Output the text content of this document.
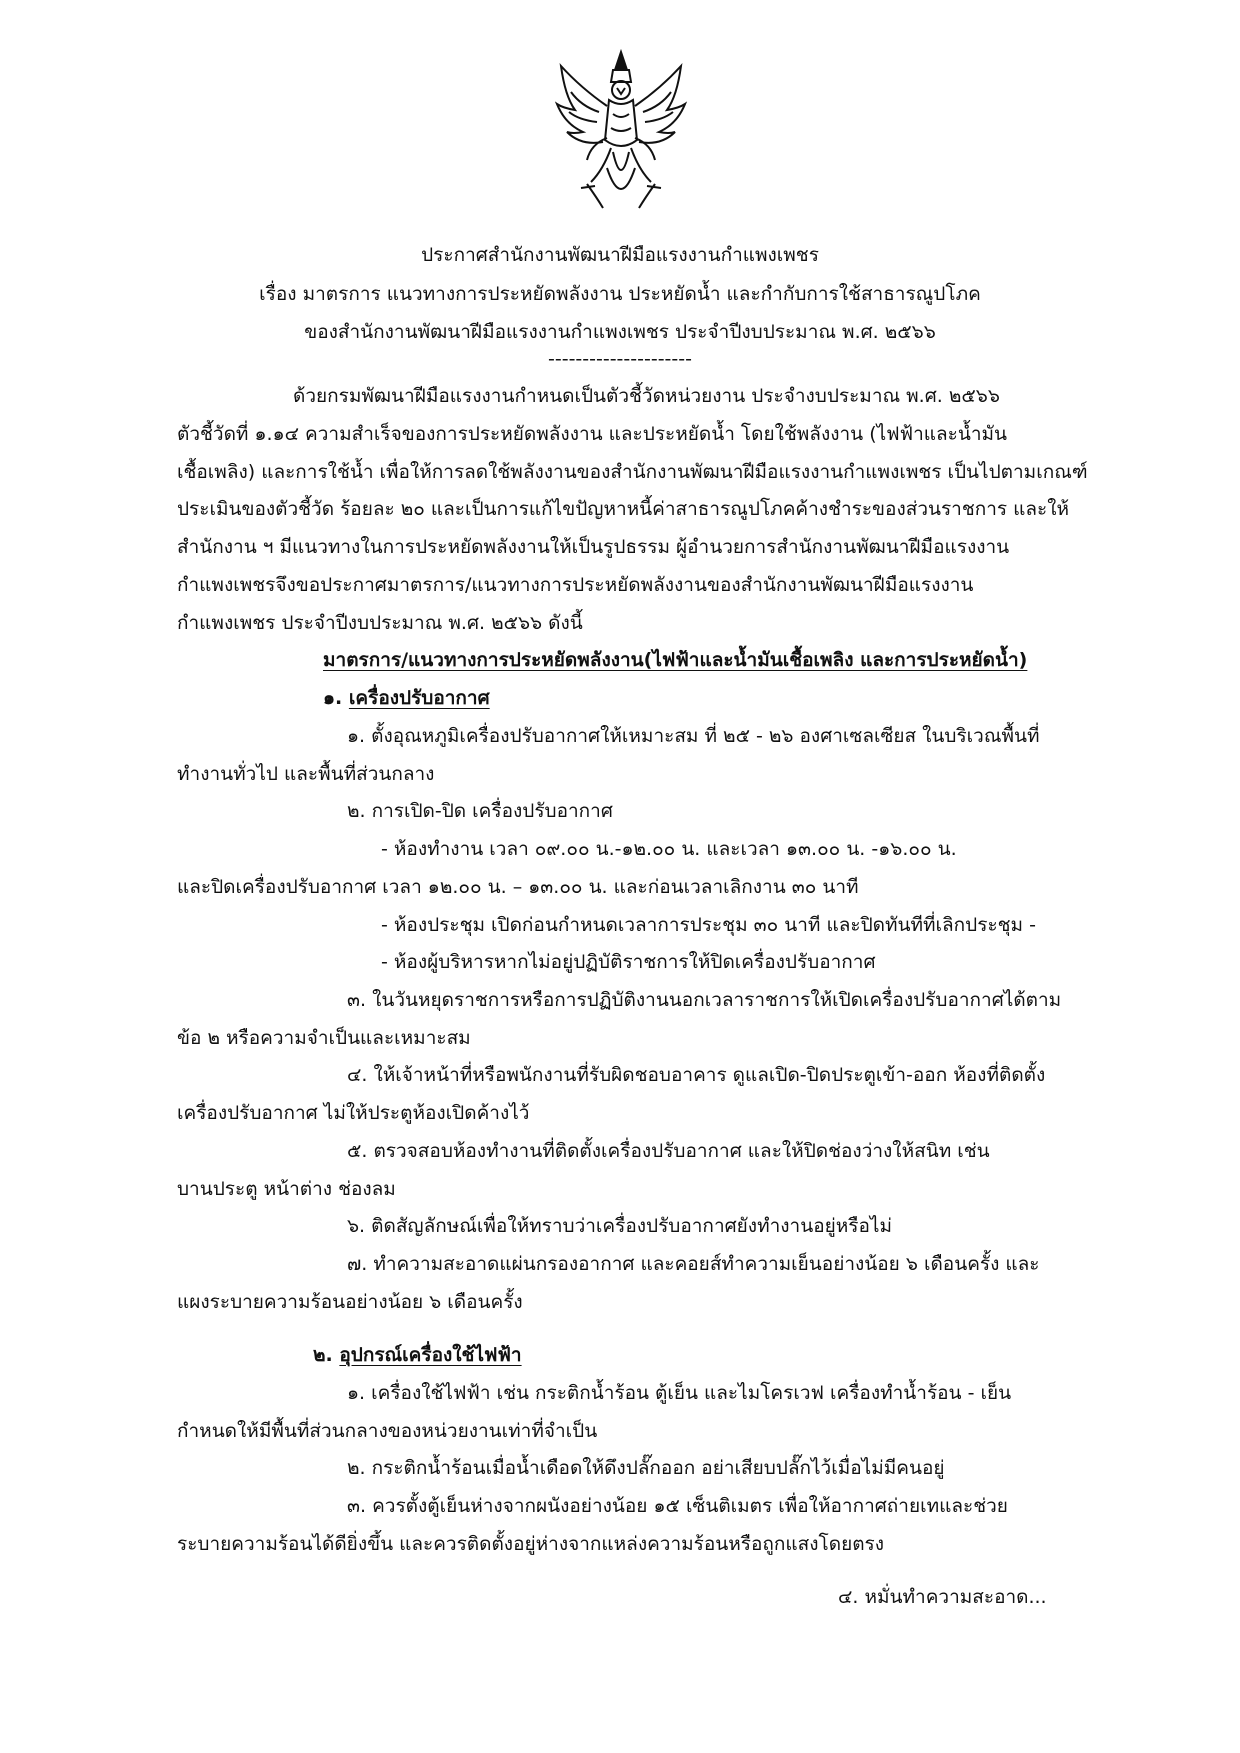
ประกาศสำนักงานพัฒนาฝีมือแรงงานกำแพงเพชร
เรื่อง มาตรการ แนวทางการประหยัดพลังงาน ประหยัดน้ำ และกำกับการใช้สาธารณูปโภค
ของสำนักงานพัฒนาฝีมือแรงงานกำแพงเพชร ประจำปีงบประมาณ พ.ศ. ๒๕๖๖
---------------------
ด้วยกรมพัฒนาฝีมือแรงงานกำหนดเป็นตัวชี้วัดหน่วยงาน ประจำงบประมาณ พ.ศ. ๒๕๖๖
ตัวชี้วัดที่ ๑.๑๔ ความสำเร็จของการประหยัดพลังงาน และประหยัดน้ำ โดยใช้พลังงาน (ไฟฟ้าและน้ำมัน
เชื้อเพลิง) และการใช้น้ำ เพื่อให้การลดใช้พลังงานของสำนักงานพัฒนาฝีมือแรงงานกำแพงเพชร เป็นไปตามเกณฑ์
ประเมินของตัวชี้วัด ร้อยละ ๒๐ และเป็นการแก้ไขปัญหาหนี้ค่าสาธารณูปโภคค้างชำระของส่วนราชการ และให้
สำนักงาน ฯ มีแนวทางในการประหยัดพลังงานให้เป็นรูปธรรม ผู้อำนวยการสำนักงานพัฒนาฝีมือแรงงาน
กำแพงเพชรจึงขอประกาศมาตรการ/แนวทางการประหยัดพลังงานของสำนักงานพัฒนาฝีมือแรงงาน
กำแพงเพชร ประจำปีงบประมาณ พ.ศ. ๒๕๖๖ ดังนี้
มาตรการ/แนวทางการประหยัดพลังงาน(ไฟฟ้าและน้ำมันเชื้อเพลิง และการประหยัดน้ำ)
๑. เครื่องปรับอากาศ
๑. ตั้งอุณหภูมิเครื่องปรับอากาศให้เหมาะสม ที่ ๒๕ - ๒๖ องศาเซลเซียส ในบริเวณพื้นที่
ทำงานทั่วไป และพื้นที่ส่วนกลาง
๒. การเปิด-ปิด เครื่องปรับอากาศ
- ห้องทำงาน เวลา ๐๙.๐๐ น.-๑๒.๐๐ น. และเวลา ๑๓.๐๐ น. -๑๖.๐๐ น.
และปิดเครื่องปรับอากาศ เวลา ๑๒.๐๐ น. – ๑๓.๐๐ น. และก่อนเวลาเลิกงาน ๓๐ นาที
- ห้องประชุม เปิดก่อนกำหนดเวลาการประชุม ๓๐ นาที และปิดทันทีที่เลิกประชุม -
- ห้องผู้บริหารหากไม่อยู่ปฏิบัติราชการให้ปิดเครื่องปรับอากาศ
๓. ในวันหยุดราชการหรือการปฏิบัติงานนอกเวลาราชการให้เปิดเครื่องปรับอากาศได้ตาม
ข้อ ๒ หรือความจำเป็นและเหมาะสม
๔. ให้เจ้าหน้าที่หรือพนักงานที่รับผิดชอบอาคาร ดูแลเปิด-ปิดประตูเข้า-ออก ห้องที่ติดตั้ง
เครื่องปรับอากาศ ไม่ให้ประตูห้องเปิดค้างไว้
๕. ตรวจสอบห้องทำงานที่ติดตั้งเครื่องปรับอากาศ และให้ปิดช่องว่างให้สนิท เช่น
บานประตู หน้าต่าง ช่องลม
๖. ติดสัญลักษณ์เพื่อให้ทราบว่าเครื่องปรับอากาศยังทำงานอยู่หรือไม่
๗. ทำความสะอาดแผ่นกรองอากาศ และคอยส์ทำความเย็นอย่างน้อย ๖ เดือนครั้ง และ
แผงระบายความร้อนอย่างน้อย ๖ เดือนครั้ง
๒. อุปกรณ์เครื่องใช้ไฟฟ้า
๑. เครื่องใช้ไฟฟ้า เช่น กระติกน้ำร้อน ตู้เย็น และไมโครเวฟ เครื่องทำน้ำร้อน - เย็น
กำหนดให้มีพื้นที่ส่วนกลางของหน่วยงานเท่าที่จำเป็น
๒. กระติกน้ำร้อนเมื่อน้ำเดือดให้ดึงปลั๊กออก อย่าเสียบปลั๊กไว้เมื่อไม่มีคนอยู่
๓. ควรตั้งตู้เย็นห่างจากผนังอย่างน้อย ๑๕ เซ็นติเมตร เพื่อให้อากาศถ่ายเทและช่วย
ระบายความร้อนได้ดียิ่งขึ้น และควรติดตั้งอยู่ห่างจากแหล่งความร้อนหรือถูกแสงโดยตรง
๔. หมั่นทำความสะอาด...
